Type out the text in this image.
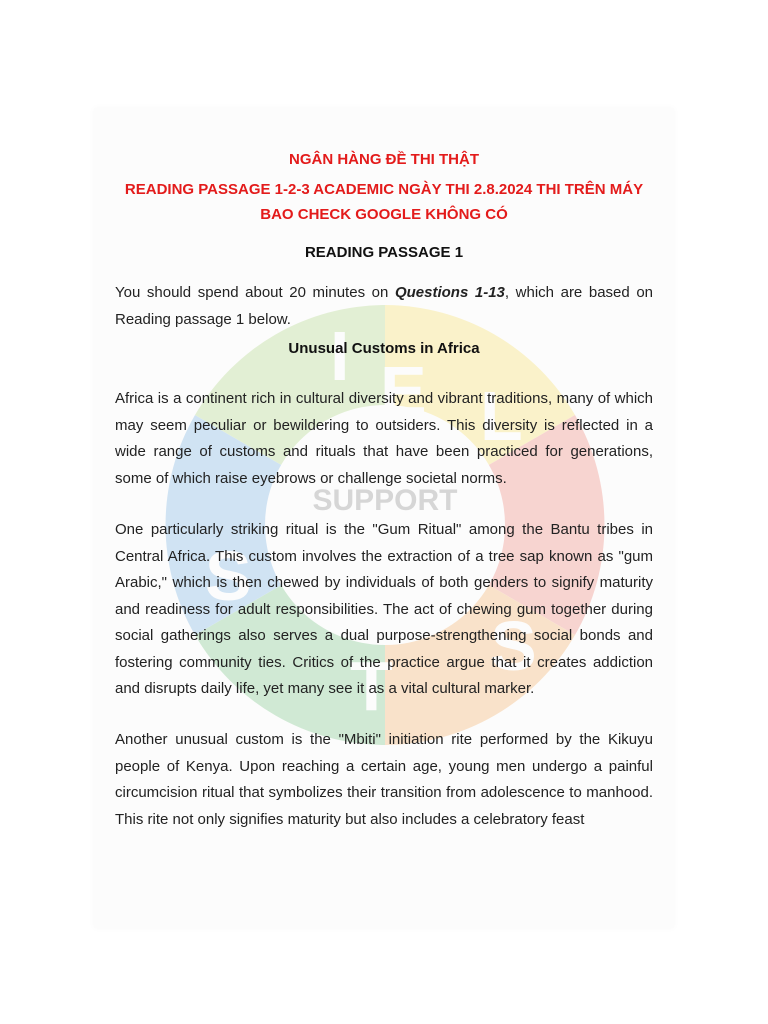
I E L
S
T
S
SUPPORT
NGÂN HÀNG ĐỀ THI THẬT
READING PASSAGE 1-2-3 ACADEMIC NGÀY THI 2.8.2024 THI TRÊN MÁY
BAO CHECK GOOGLE KHÔNG CÓ
READING PASSAGE 1

You should spend about 20 minutes on Questions 1-13, which are based on Reading passage 1 below.

Unusual Customs in Africa

Africa is a continent rich in cultural diversity and vibrant traditions, many of which may seem peculiar or bewildering to outsiders. This diversity is reflected in a wide range of customs and rituals that have been practiced for generations, some of which raise eyebrows or challenge societal norms.

One particularly striking ritual is the "Gum Ritual" among the Bantu tribes in Central Africa. This custom involves the extraction of a tree sap known as "gum Arabic," which is then chewed by individuals of both genders to signify maturity and readiness for adult responsibilities. The act of chewing gum together during social gatherings also serves a dual purpose-strengthening social bonds and fostering community ties. Critics of the practice argue that it creates addiction and disrupts daily life, yet many see it as a vital cultural marker.

Another unusual custom is the "Mbiti" initiation rite performed by the Kikuyu people of Kenya. Upon reaching a certain age, young men undergo a painful circumcision ritual that symbolizes their transition from adolescence to manhood. This rite not only signifies maturity but also includes a celebratory feast
